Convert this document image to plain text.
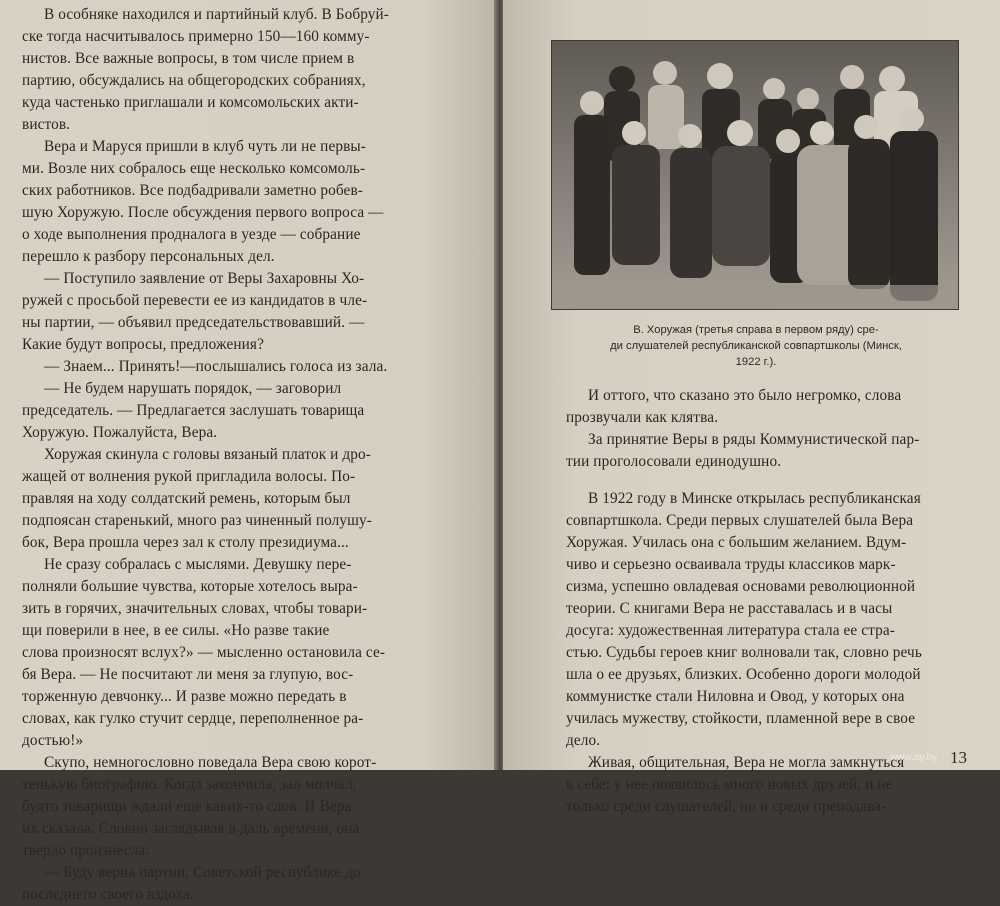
В особняке находился и партийный клуб. В Бобруй-
ске тогда насчитывалось примерно 150—160 комму-
нистов. Все важные вопросы, в том числе прием в
партию, обсуждались на общегородских собраниях,
куда частенько приглашали и комсомольских акти-
вистов.
Вера и Маруся пришли в клуб чуть ли не первы-
ми. Возле них собралось еще несколько комсомоль-
ских работников. Все подбадривали заметно робев-
шую Хоружую. После обсуждения первого вопроса —
о ходе выполнения продналога в уезде — собрание
перешло к разбору персональных дел.
— Поступило заявление от Веры Захаровны Хо-
ружей с просьбой перевести ее из кандидатов в чле-
ны партии, — объявил председательствовавший. —
Какие будут вопросы, предложения?
— Знаем... Принять!—послышались голоса из зала.
— Не будем нарушать порядок, — заговорил
председатель. — Предлагается заслушать товарища
Хоружую. Пожалуйста, Вера.
Хоружая скинула с головы вязаный платок и дро-
жащей от волнения рукой пригладила волосы. По-
правляя на ходу солдатский ремень, которым был
подпоясан старенький, много раз чиненный полушу-
бок, Вера прошла через зал к столу президиума...
Не сразу собралась с мыслями. Девушку пере-
полняли большие чувства, которые хотелось выра-
зить в горячих, значительных словах, чтобы товари-
щи поверили в нее, в ее силы. «Но разве такие
слова произносят вслух?» — мысленно остановила се-
бя Вера. — Не посчитают ли меня за глупую, вос-
торженную девчонку... И разве можно передать в
словах, как гулко стучит сердце, переполненное ра-
достью!»
Скупо, немногословно поведала Вера свою корот-
тенькую биографию. Когда закончила, зал молчал,
будто товарищи ждали еще каких-то слов. И Вера
их сказала. Словно заглядывая в даль времени, она
твердо произнесла:
— Буду верна партии, Советской республике до
последнего своего вздоха.
В. Хоружая (третья справа в первом ряду) сре-
ди слушателей республиканской совпартшколы (Минск,
1922 г.).
И оттого, что сказано это было негромко, слова
прозвучали как клятва.
За принятие Веры в ряды Коммунистической пар-
тии проголосовали единодушно.
В 1922 году в Минске открылась республиканская
совпартшкола. Среди первых слушателей была Вера
Хоружая. Училась она с большим желанием. Вдум-
чиво и серьезно осваивала труды классиков марк-
сизма, успешно овладевая основами революционной
теории. С книгами Вера не расставалась и в часы
досуга: художественная литература стала ее стра-
стью. Судьбы героев книг волновали так, словно речь
шла о ее друзьях, близких. Особенно дороги молодой
коммунистке стали Ниловна и Овод, у которых она
училась мужеству, стойкости, пламенной вере в свое
дело.
Живая, общительная, Вера не могла замкнуться
в себе: у нее появилось много новых друзей, и не
только среди слушателей, но и среди преподава-
13
www.ay.by
